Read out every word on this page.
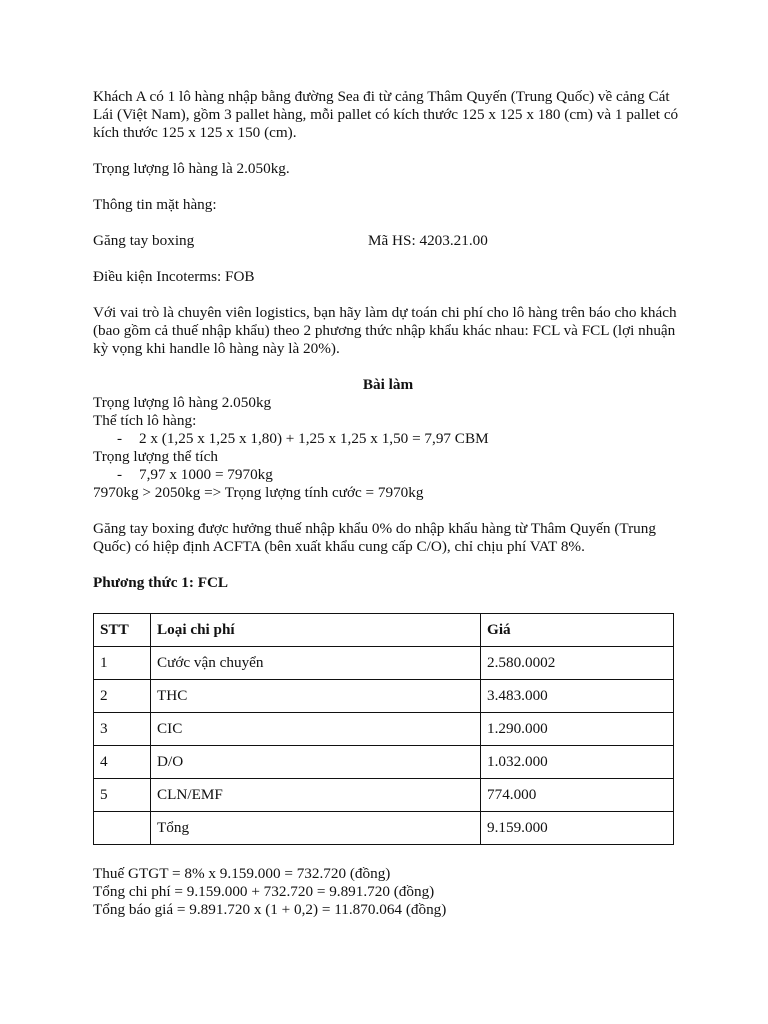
Khách A có 1 lô hàng nhập bằng đường Sea đi từ cảng Thâm Quyến (Trung Quốc) về cảng Cát Lái (Việt Nam), gồm 3 pallet hàng, mỗi pallet có kích thước 125 x 125 x 180 (cm) và 1 pallet có kích thước 125 x 125 x 150 (cm).

Trọng lượng lô hàng là 2.050kg.

Thông tin mặt hàng:

Găng tay boxing	Mã HS: 4203.21.00

Điều kiện Incoterms: FOB

Với vai trò là chuyên viên logistics, bạn hãy làm dự toán chi phí cho lô hàng trên báo cho khách (bao gồm cả thuế nhập khẩu) theo 2 phương thức nhập khẩu khác nhau: FCL và FCL (lợi nhuận kỳ vọng khi handle lô hàng này là 20%).

Bài làm

Trọng lượng lô hàng 2.050kg

Thể tích lô hàng:

- 2 x (1,25 x 1,25 x 1,80) + 1,25 x 1,25 x 1,50 = 7,97 CBM

Trọng lượng thể tích

- 7,97 x 1000 = 7970kg

7970kg > 2050kg => Trọng lượng tính cước = 7970kg

Găng tay boxing được hưởng thuế nhập khẩu 0% do nhập khẩu hàng từ Thâm Quyến (Trung Quốc) có hiệp định ACFTA (bên xuất khẩu cung cấp C/O), chỉ chịu phí VAT 8%.

Phương thức 1: FCL

STT	Loại chi phí	Giá
1	Cước vận chuyển	2.580.0002
2	THC	3.483.000
3	CIC	1.290.000
4	D/O	1.032.000
5	CLN/EMF	774.000
	Tổng	9.159.000

Thuế GTGT = 8% x 9.159.000 = 732.720 (đồng)

Tổng chi phí = 9.159.000 + 732.720 = 9.891.720 (đồng)

Tổng báo giá = 9.891.720 x (1 + 0,2) = 11.870.064 (đồng)
